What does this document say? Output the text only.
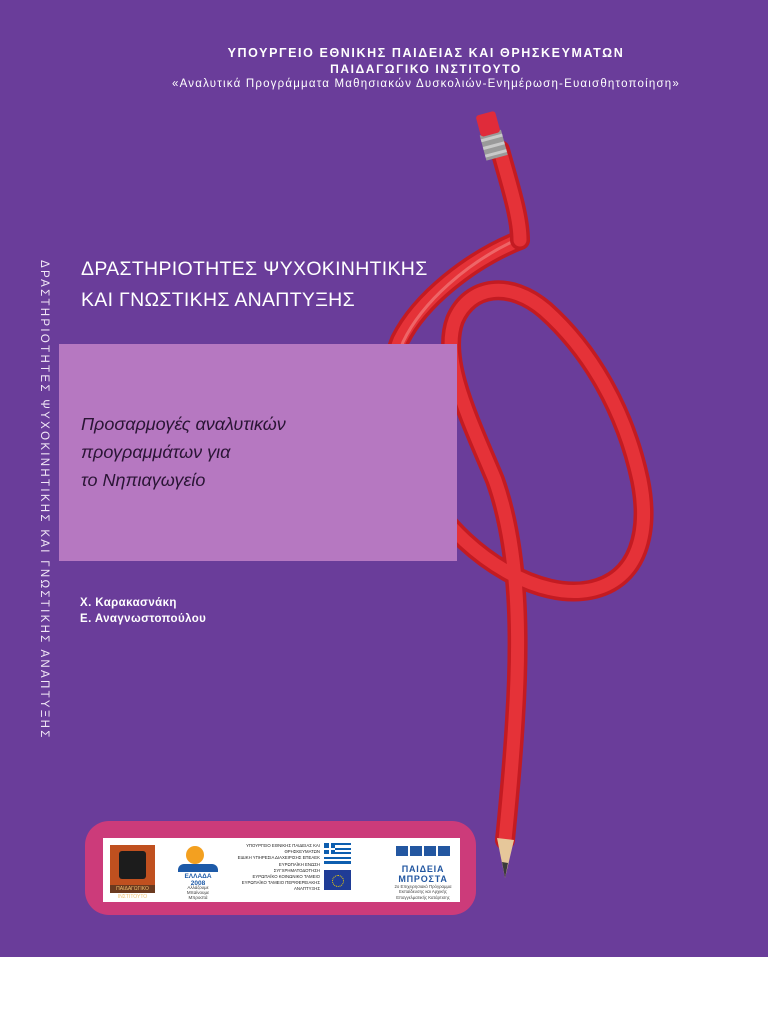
ΥΠΟΥΡΓΕΙΟ ΕΘΝΙΚΗΣ ΠΑΙΔΕΙΑΣ ΚΑΙ ΘΡΗΣΚΕΥΜΑΤΩΝ
ΠΑΙΔΑΓΩΓΙΚΟ ΙΝΣΤΙΤΟΥΤΟ
«Αναλυτικά Προγράμματα Μαθησιακών Δυσκολιών-Ενημέρωση-Ευαισθητοποίηση»
ΔΡΑΣΤΗΡΙΟΤΗΤΕΣ ΨΥΧΟΚΙΝΗΤΙΚΗΣ ΚΑΙ ΓΝΩΣΤΙΚΗΣ ΑΝΑΠΤΥΞΗΣ ΔΡΑΣΤΗΡΙΟΤΗΤΕΣ ΨΥΧΟΚΙΝΗΤΙΚΗΣ
ΚΑΙ ΓΝΩΣΤΙΚΗΣ ΑΝΑΠΤΥΞΗΣ
Προσαρμογές αναλυτικών
προγραμμάτων για
το Νηπιαγωγείο
Χ. Καρακασνάκη
Ε. Αναγνωστοπούλου
ΠΑΙΔΑΓΩΓΙΚΟ ΙΝΣΤΙΤΟΥΤΟ
ΕΛΛΑΔΑ
2008
Αλλάζουμε Μπαίνουμε Μπροστά
ΥΠΟΥΡΓΕΙΟ ΕΘΝΙΚΗΣ ΠΑΙΔΕΙΑΣ ΚΑΙ ΘΡΗΣΚΕΥΜΑΤΩΝ
ΕΙΔΙΚΗ ΥΠΗΡΕΣΙΑ ΔΙΑΧΕΙΡΙΣΗΣ ΕΠΕΑΕΚ
ΕΥΡΩΠΑΪΚΗ ΕΝΩΣΗ
ΣΥΓΧΡΗΜΑΤΟΔΟΤΗΣΗ
ΕΥΡΩΠΑΪΚΟ ΚΟΙΝΩΝΙΚΟ ΤΑΜΕΙΟ
ΕΥΡΩΠΑΪΚΟ ΤΑΜΕΙΟ ΠΕΡΙΦΕΡΕΙΑΚΗΣ ΑΝΑΠΤΥΞΗΣ
ΠΑΙΔΕΙΑ ΜΠΡΟΣΤΑ
2ο Επιχειρησιακό Πρόγραμμα
Εκπαίδευσης και Αρχικής
Επαγγελματικής Κατάρτισης
